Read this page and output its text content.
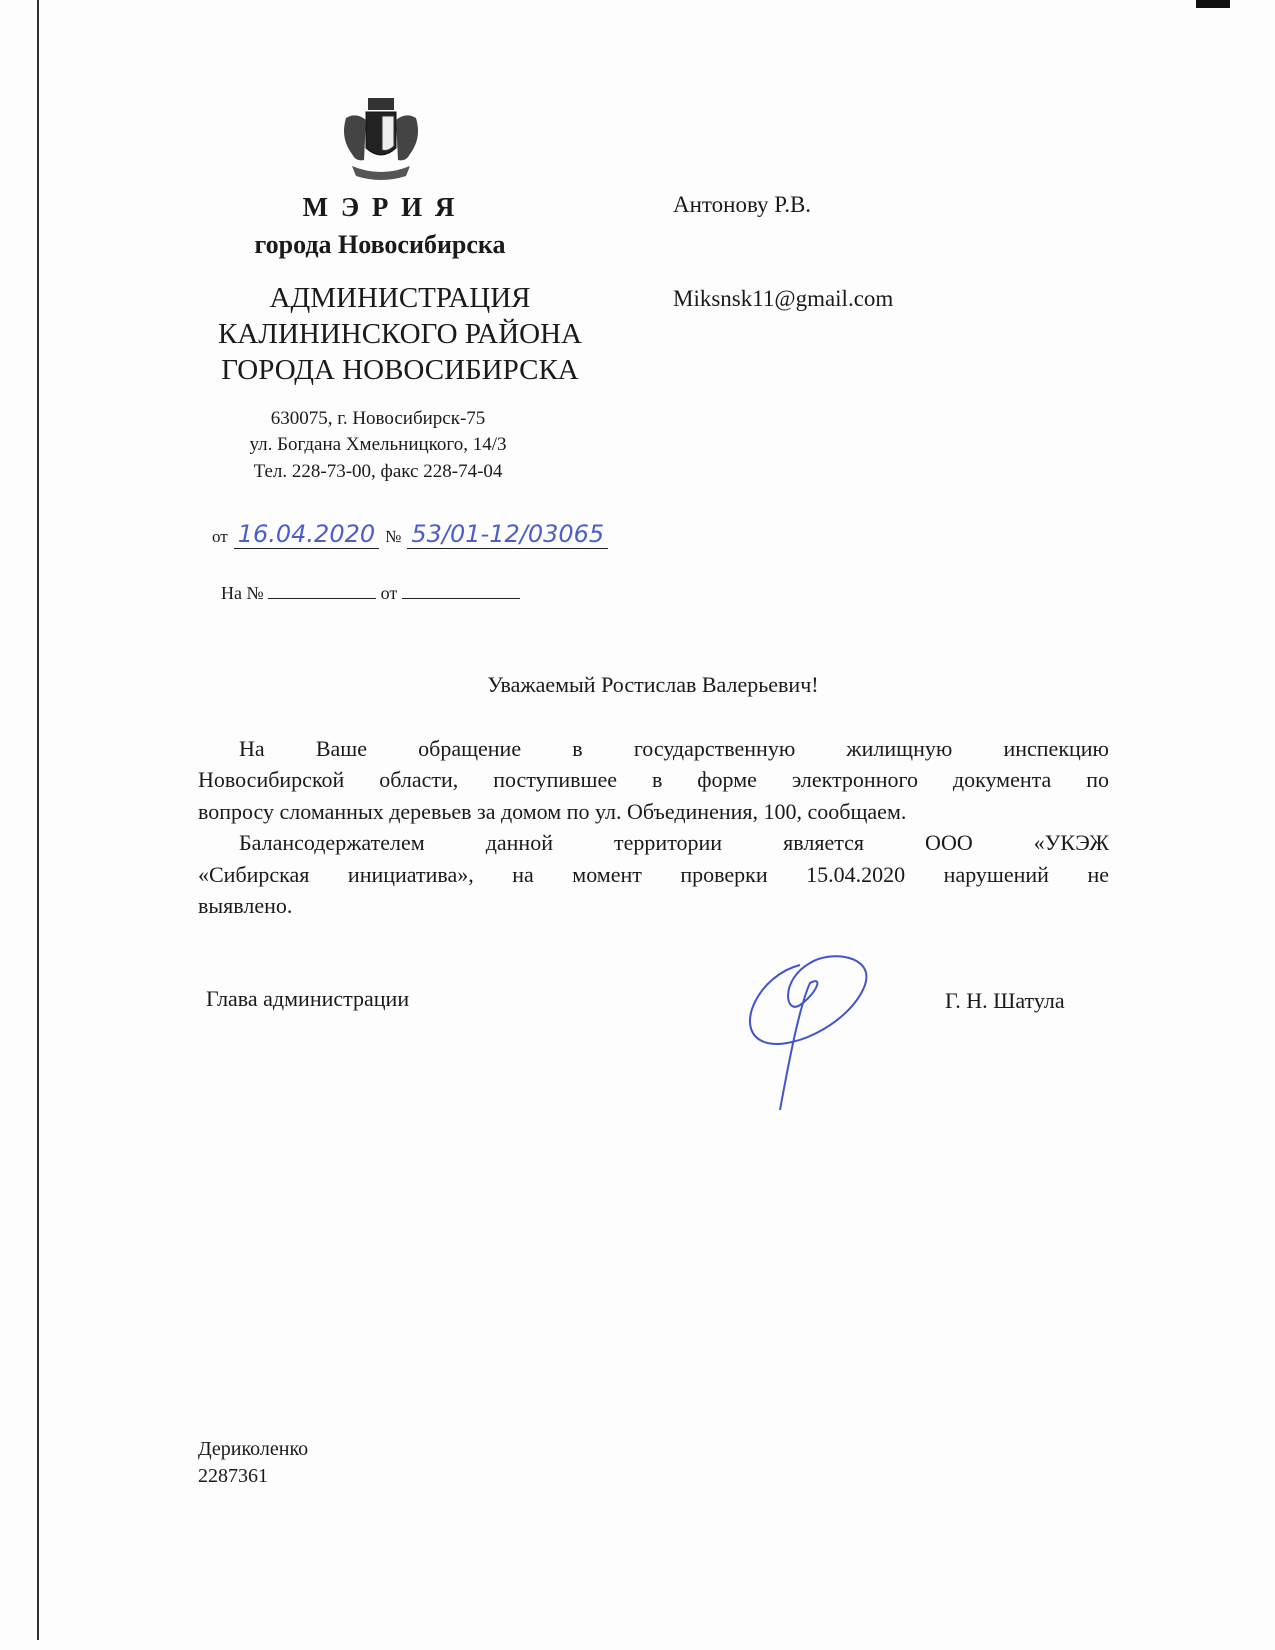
М Э Р И Я
города Новосибирска
АДМИНИСТРАЦИЯ
КАЛИНИНСКОГО РАЙОНА
ГОРОДА НОВОСИБИРСКА
630075, г. Новосибирск-75
ул. Богдана Хмельницкого, 14/3
Тел. 228-73-00, факс 228-74-04
от 16.04.2020 № 53/01-12/03065
На №	от
Антонову Р.В.
Miksnsk11@gmail.com
Уважаемый Ростислав Валерьевич!
На Ваше обращение в государственную жилищную инспекцию
Новосибирской области, поступившее в форме электронного документа по
вопросу сломанных деревьев за домом по ул. Объединения, 100, сообщаем.
Балансодержателем данной территории является ООО «УКЭЖ
«Сибирская инициатива», на момент проверки 15.04.2020 нарушений не
выявлено.
Глава администрации	Г. Н. Шатула
Дериколенко
2287361
